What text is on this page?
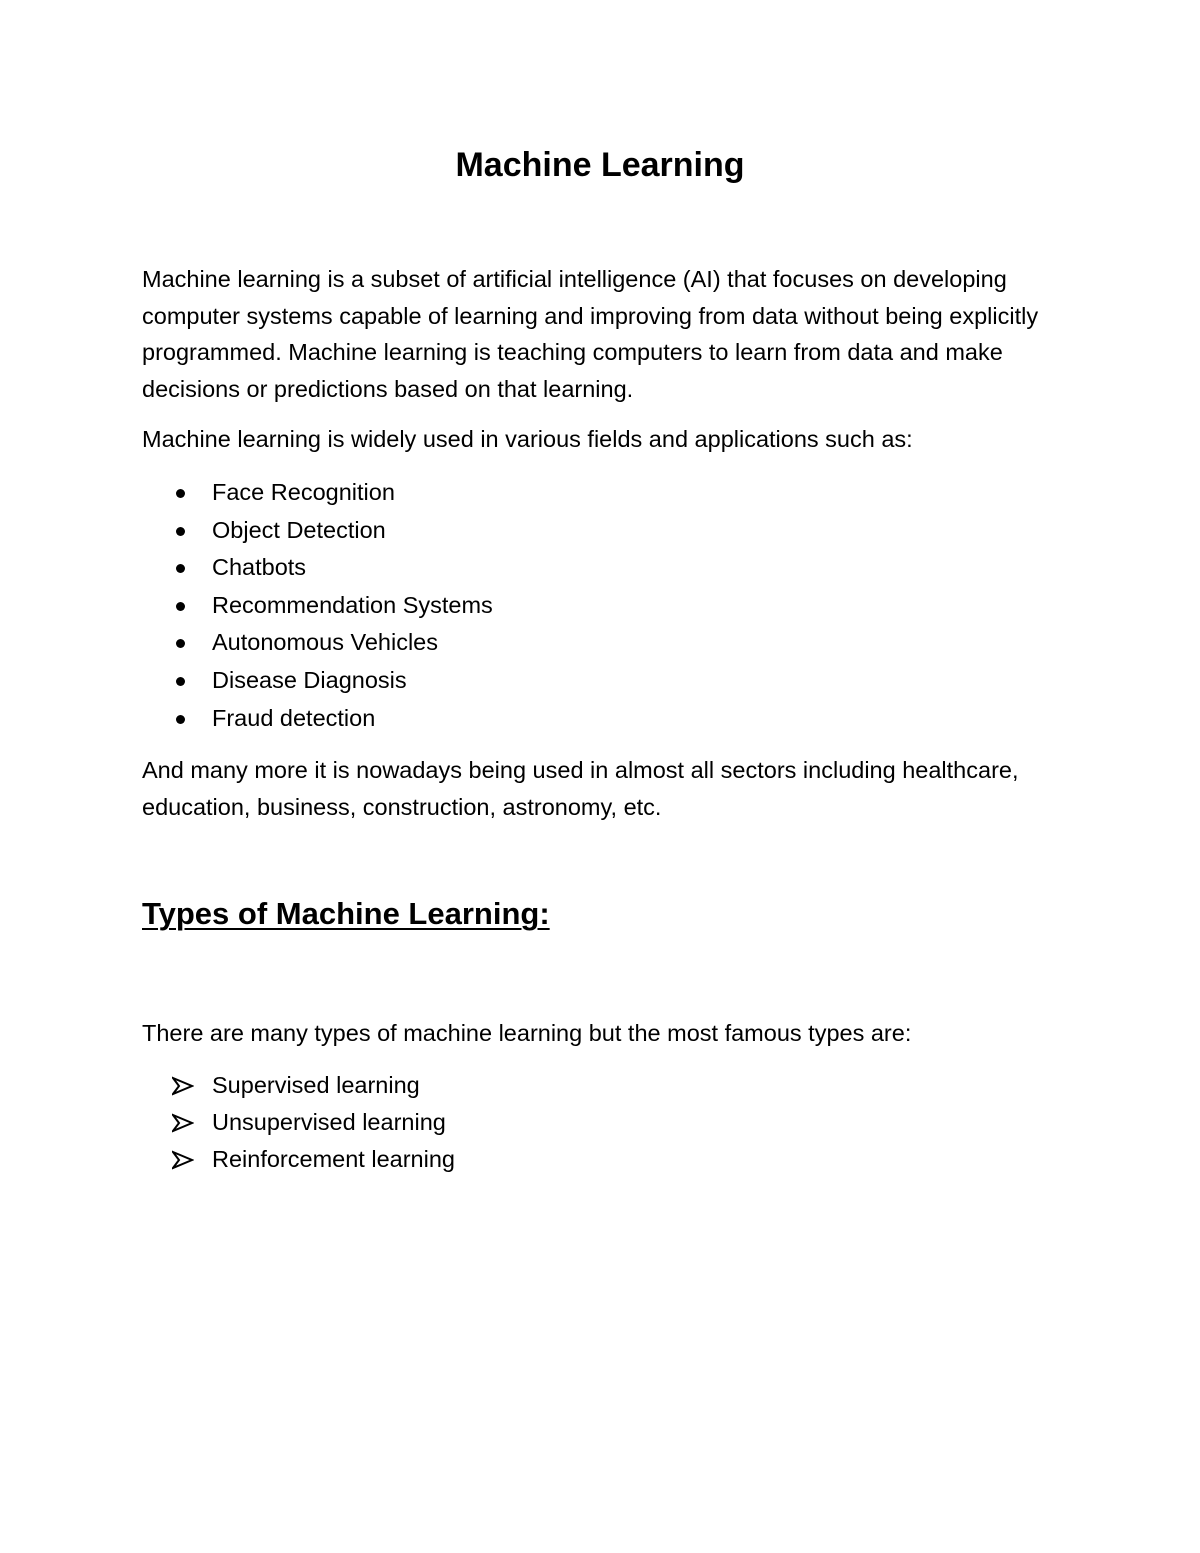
Machine Learning

Machine learning is a subset of artificial intelligence (AI) that focuses on developing computer systems capable of learning and improving from data without being explicitly programmed. Machine learning is teaching computers to learn from data and make decisions or predictions based on that learning.

Machine learning is widely used in various fields and applications such as:

Face Recognition
Object Detection
Chatbots
Recommendation Systems
Autonomous Vehicles
Disease Diagnosis
Fraud detection

And many more it is nowadays being used in almost all sectors including healthcare, education, business, construction, astronomy, etc.

Types of Machine Learning:

There are many types of machine learning but the most famous types are:

Supervised learning
Unsupervised learning
Reinforcement learning
